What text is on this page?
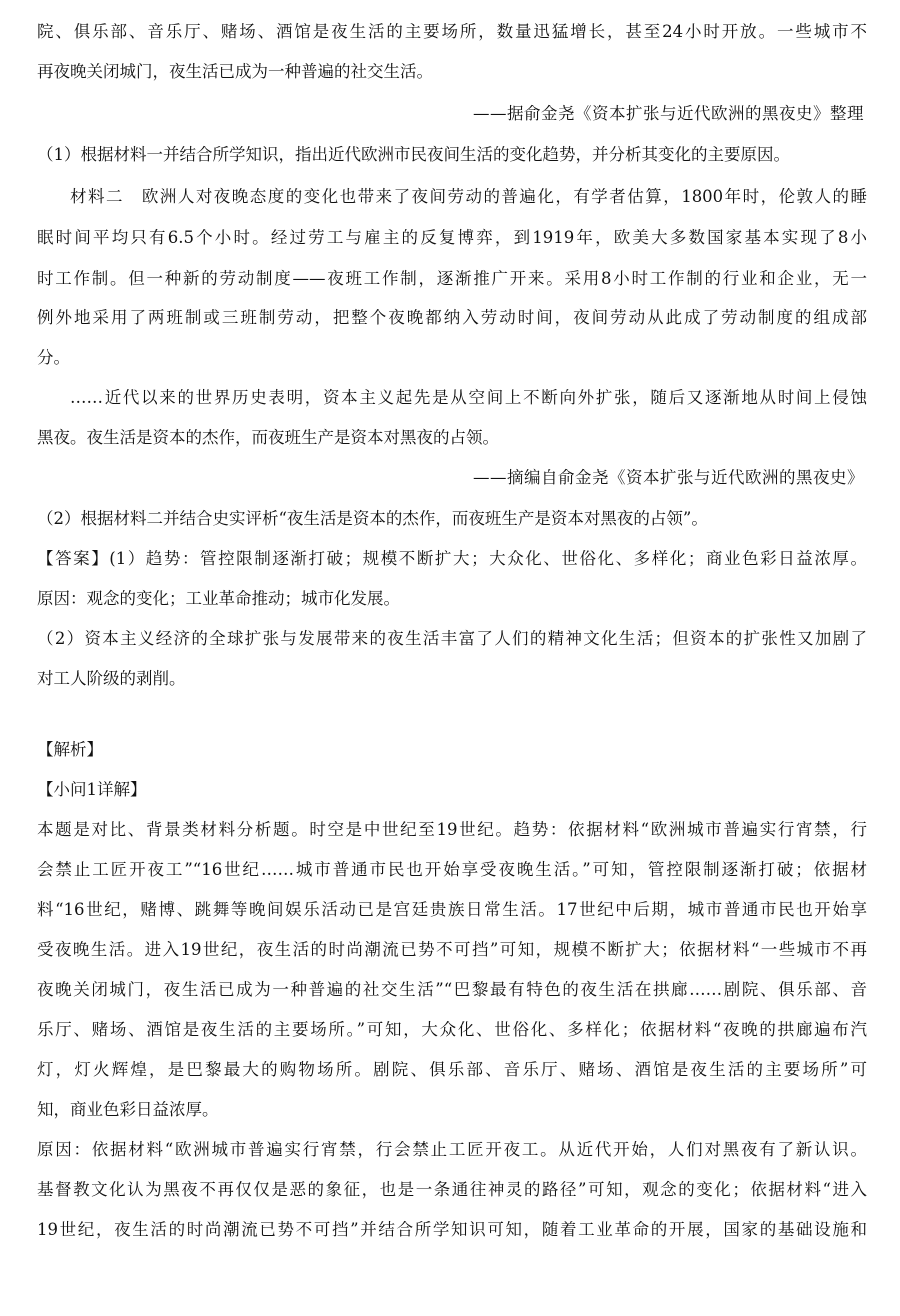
院、俱乐部、音乐厅、赌场、酒馆是夜生活的主要场所，数量迅猛增长，甚至24小时开放。一些城市不
再夜晚关闭城门，夜生活已成为一种普遍的社交生活。
——据俞金尧《资本扩张与近代欧洲的黑夜史》整理
（1）根据材料一并结合所学知识，指出近代欧洲市民夜间生活的变化趋势，并分析其变化的主要原因。
材料二　欧洲人对夜晚态度的变化也带来了夜间劳动的普遍化，有学者估算，1800年时，伦敦人的睡
眠时间平均只有6.5个小时。经过劳工与雇主的反复博弈，到1919年，欧美大多数国家基本实现了8小
时工作制。但一种新的劳动制度——夜班工作制，逐渐推广开来。采用8小时工作制的行业和企业，无一
例外地采用了两班制或三班制劳动，把整个夜晚都纳入劳动时间，夜间劳动从此成了劳动制度的组成部
分。
……近代以来的世界历史表明，资本主义起先是从空间上不断向外扩张，随后又逐渐地从时间上侵蚀
黑夜。夜生活是资本的杰作，而夜班生产是资本对黑夜的占领。
——摘编自俞金尧《资本扩张与近代欧洲的黑夜史》
（2）根据材料二并结合史实评析“夜生活是资本的杰作，而夜班生产是资本对黑夜的占领”。
【答案】(1）趋势：管控限制逐渐打破；规模不断扩大；大众化、世俗化、多样化；商业色彩日益浓厚。
原因：观念的变化；工业革命推动；城市化发展。
（2）资本主义经济的全球扩张与发展带来的夜生活丰富了人们的精神文化生活；但资本的扩张性又加剧了
对工人阶级的剥削。
【解析】
【小问1详解】
本题是对比、背景类材料分析题。时空是中世纪至19世纪。趋势：依据材料“欧洲城市普遍实行宵禁，行
会禁止工匠开夜工”“16世纪……城市普通市民也开始享受夜晚生活。”可知，管控限制逐渐打破；依据材
料“16世纪，赌博、跳舞等晚间娱乐活动已是宫廷贵族日常生活。17世纪中后期，城市普通市民也开始享
受夜晚生活。进入19世纪，夜生活的时尚潮流已势不可挡”可知，规模不断扩大；依据材料“一些城市不再
夜晚关闭城门，夜生活已成为一种普遍的社交生活”“巴黎最有特色的夜生活在拱廊……剧院、俱乐部、音
乐厅、赌场、酒馆是夜生活的主要场所。”可知，大众化、世俗化、多样化；依据材料“夜晚的拱廊遍布汽
灯，灯火辉煌，是巴黎最大的购物场所。剧院、俱乐部、音乐厅、赌场、酒馆是夜生活的主要场所”可
知，商业色彩日益浓厚。
原因：依据材料“欧洲城市普遍实行宵禁，行会禁止工匠开夜工。从近代开始，人们对黑夜有了新认识。
基督教文化认为黑夜不再仅仅是恶的象征，也是一条通往神灵的路径”可知，观念的变化；依据材料“进入
19世纪，夜生活的时尚潮流已势不可挡”并结合所学知识可知，随着工业革命的开展，国家的基础设施和
